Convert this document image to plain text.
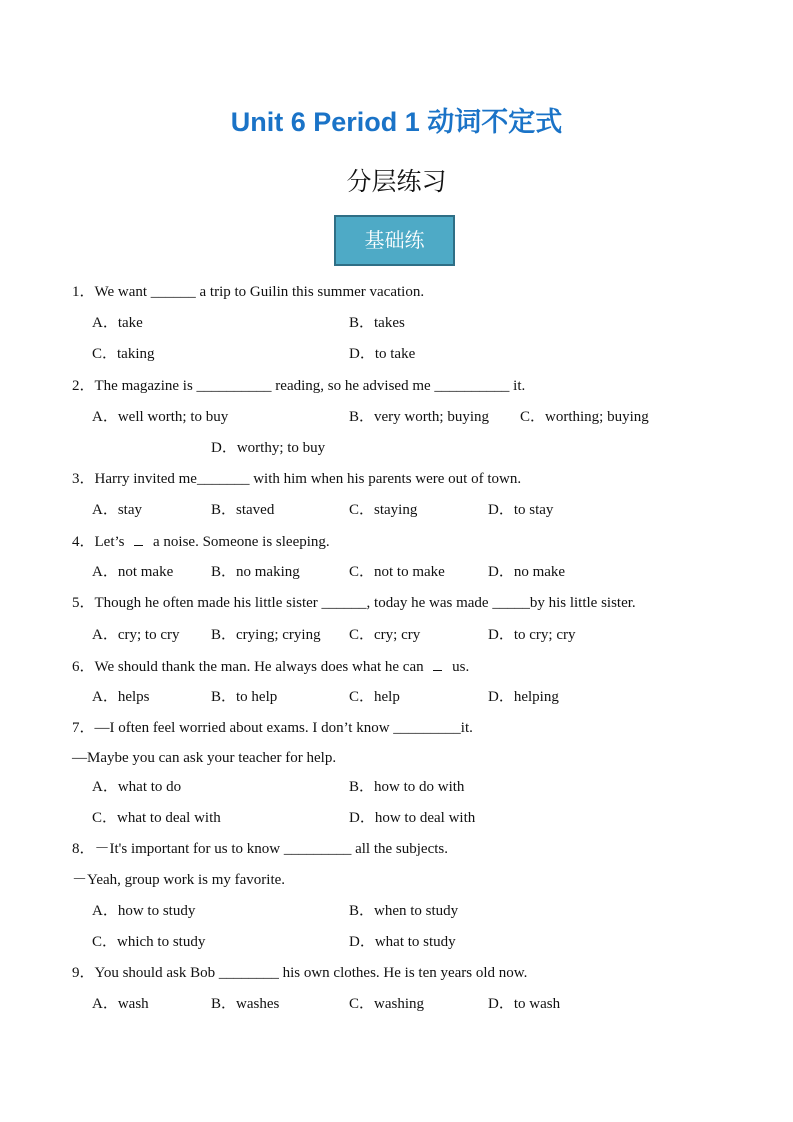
Unit 6 Period 1 动词不定式
分层练习
基础练
1．We want ______ a trip to Guilin this summer vacation.
A．take	B．takes
C．taking	D．to take
2．The magazine is __________ reading, so he advised me __________ it.
A．well worth; to buy	B．very worth; buying C．worthing; buying
D．worthy; to buy
3．Harry invited me_______ with him when his parents were out of town.
A．stay	B．staved	C．staying	D．to stay
4．Let’s a noise. Someone is sleeping.
A．not make	B．no making	C．not to make	D．no make
5．Though he often made his little sister ______, today he was made _____by his little sister.
A．cry; to cry B．crying; crying C．cry; cry	D．to cry; cry
6．We should thank the man. He always does what he can us.
A．helps	B．to help	C．help	D．helping
7．—I often feel worried about exams. I don’t know _________it.
—Maybe you can ask your teacher for help.
A．what to do	B．how to do with
C．what to deal with	D．how to deal with
8．－It's important for us to know _________ all the subjects.
－Yeah, group work is my favorite.
A．how to study	B．when to study
C．which to study	D．what to study
9．You should ask Bob ________ his own clothes. He is ten years old now.
A．wash	B．washes	C．washing	D．to wash
